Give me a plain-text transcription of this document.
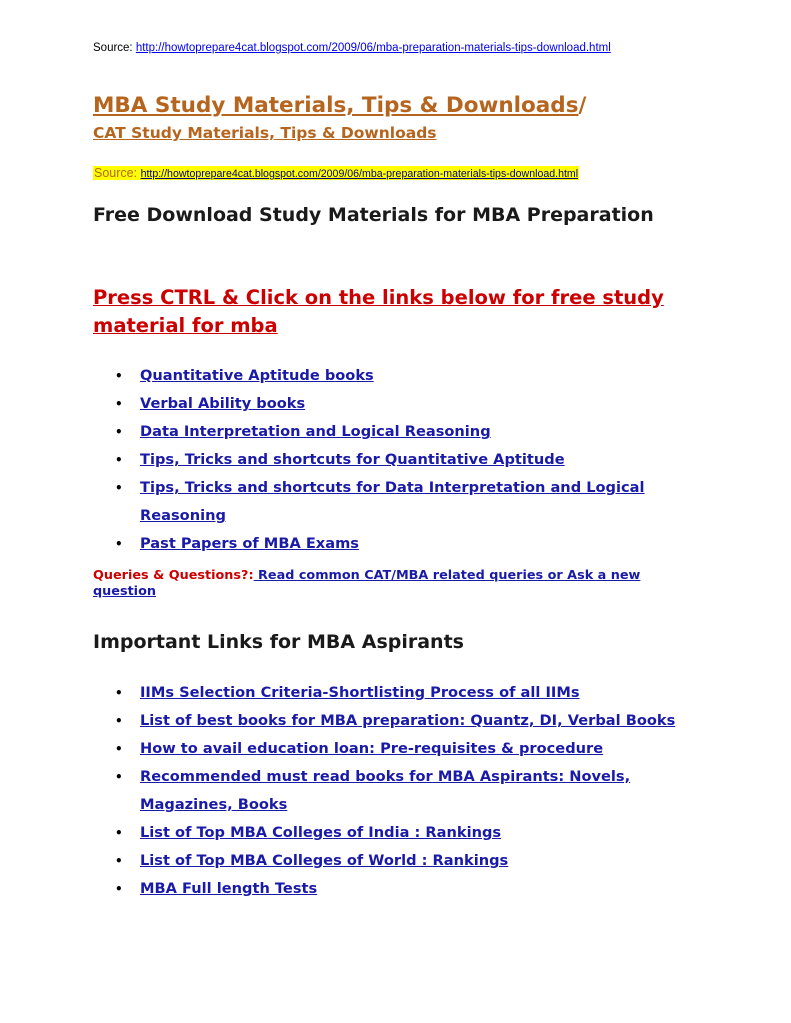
Source: http://howtoprepare4cat.blogspot.com/2009/06/mba-preparation-materials-tips-download.html
MBA Study Materials, Tips & Downloads/
CAT Study Materials, Tips & Downloads
Source: http://howtoprepare4cat.blogspot.com/2009/06/mba-preparation-materials-tips-download.html
Free Download Study Materials for MBA Preparation
Press CTRL & Click on the links below for free study material for mba
• Quantitative Aptitude books
• Verbal Ability books
• Data Interpretation and Logical Reasoning
• Tips, Tricks and shortcuts for Quantitative Aptitude
• Tips, Tricks and shortcuts for Data Interpretation and Logical Reasoning
• Past Papers of MBA Exams
Queries & Questions?: Read common CAT/MBA related queries or Ask a new question
Important Links for MBA Aspirants
• IIMs Selection Criteria-Shortlisting Process of all IIMs
• List of best books for MBA preparation: Quantz, DI, Verbal Books
• How to avail education loan: Pre-requisites & procedure
• Recommended must read books for MBA Aspirants: Novels, Magazines, Books
• List of Top MBA Colleges of India : Rankings
• List of Top MBA Colleges of World : Rankings
• MBA Full length Tests
